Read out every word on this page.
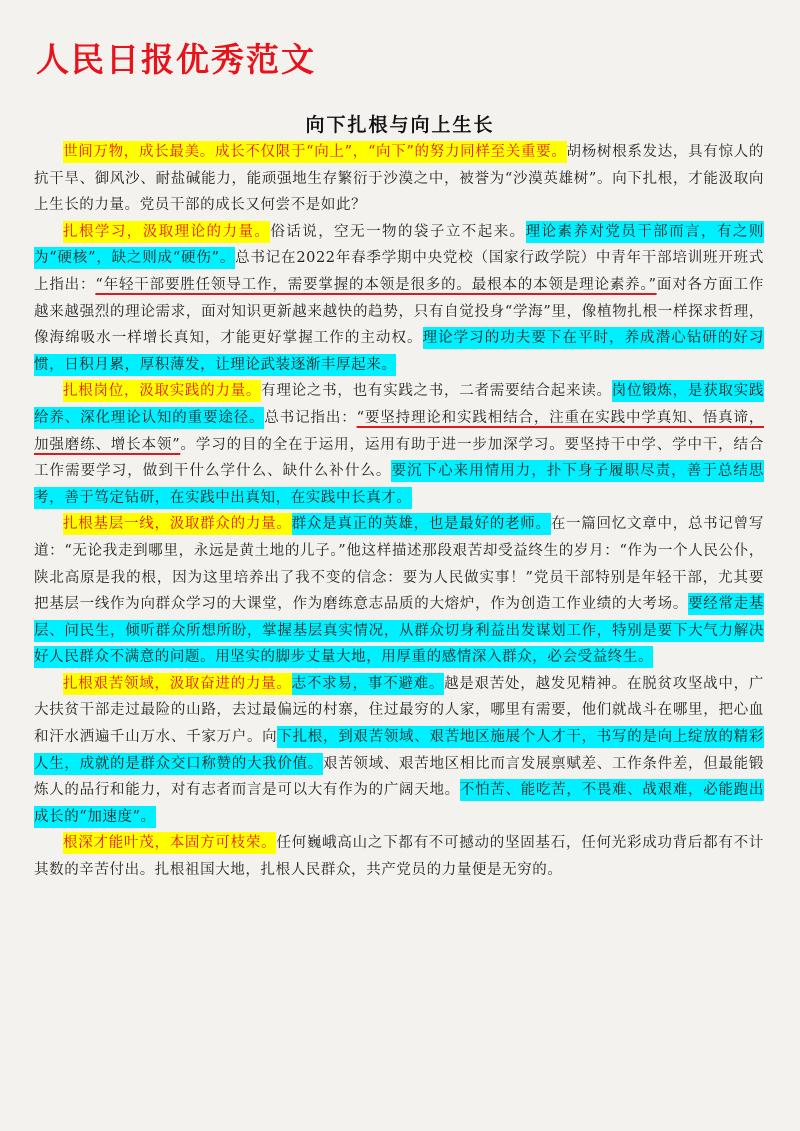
人民日报优秀范文
向下扎根与向上生长

世间万物，成长最美。成长不仅限于“向上”，“向下”的努力同样至关重要。胡杨树根系发达，具有惊人的抗干旱、御风沙、耐盐碱能力，能顽强地生存繁衍于沙漠之中，被誉为“沙漠英雄树”。向下扎根，才能汲取向上生长的力量。党员干部的成长又何尝不是如此？

扎根学习，汲取理论的力量。俗话说，空无一物的袋子立不起来。理论素养对党员干部而言，有之则为“硬核”，缺之则成“硬伤”。总书记在2022年春季学期中央党校（国家行政学院）中青年干部培训班开班式上指出：“年轻干部要胜任领导工作，需要掌握的本领是很多的。最根本的本领是理论素养。”面对各方面工作越来越强烈的理论需求，面对知识更新越来越快的趋势，只有自觉投身“学海”里，像植物扎根一样探求哲理，像海绵吸水一样增长真知，才能更好掌握工作的主动权。理论学习的功夫要下在平时，养成潜心钻研的好习惯，日积月累，厚积薄发，让理论武装逐渐丰厚起来。

扎根岗位，汲取实践的力量。有理论之书，也有实践之书，二者需要结合起来读。岗位锻炼，是获取实践给养、深化理论认知的重要途径。总书记指出：“要坚持理论和实践相结合，注重在实践中学真知、悟真谛，加强磨练、增长本领”。学习的目的全在于运用，运用有助于进一步加深学习。要坚持干中学、学中干，结合工作需要学习，做到干什么学什么、缺什么补什么。要沉下心来用情用力，扑下身子履职尽责，善于总结思考，善于笃定钻研，在实践中出真知，在实践中长真才。

扎根基层一线，汲取群众的力量。群众是真正的英雄，也是最好的老师。在一篇回忆文章中，总书记曾写道：“无论我走到哪里，永远是黄土地的儿子。”他这样描述那段艰苦却受益终生的岁月：“作为一个人民公仆，陕北高原是我的根，因为这里培养出了我不变的信念：要为人民做实事！”党员干部特别是年轻干部，尤其要把基层一线作为向群众学习的大课堂，作为磨练意志品质的大熔炉，作为创造工作业绩的大考场。要经常走基层、问民生，倾听群众所想所盼，掌握基层真实情况，从群众切身利益出发谋划工作，特别是要下大气力解决好人民群众不满意的问题。用坚实的脚步丈量大地，用厚重的感情深入群众，必会受益终生。

扎根艰苦领域，汲取奋进的力量。志不求易，事不避难。越是艰苦处，越发见精神。在脱贫攻坚战中，广大扶贫干部走过最险的山路，去过最偏远的村寨，住过最穷的人家，哪里有需要，他们就战斗在哪里，把心血和汗水洒遍千山万水、千家万户。向下扎根，到艰苦领域、艰苦地区施展个人才干，书写的是向上绽放的精彩人生，成就的是群众交口称赞的大我价值。艰苦领域、艰苦地区相比而言发展禀赋差、工作条件差，但最能锻炼人的品行和能力，对有志者而言是可以大有作为的广阔天地。不怕苦、能吃苦，不畏难、战艰难，必能跑出成长的“加速度”。

根深才能叶茂，本固方可枝荣。任何巍峨高山之下都有不可撼动的坚固基石，任何光彩成功背后都有不计其数的辛苦付出。扎根祖国大地，扎根人民群众，共产党员的力量便是无穷的。
